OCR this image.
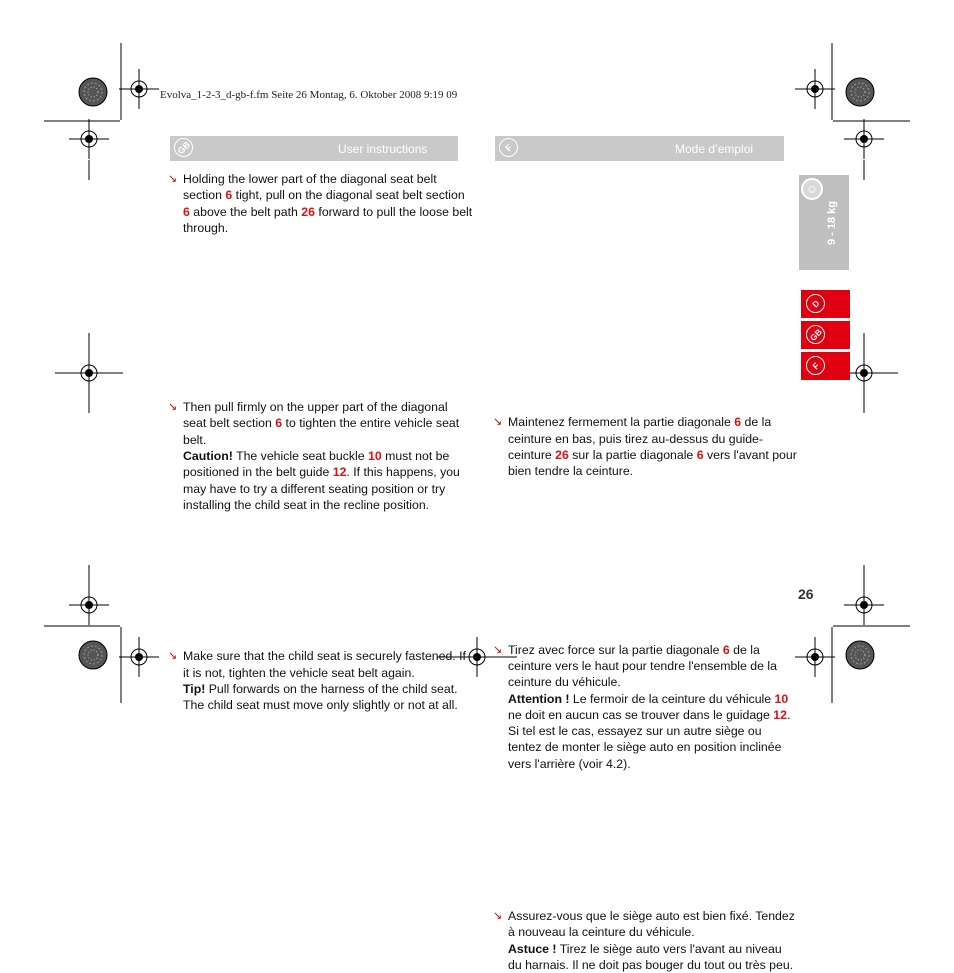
Evolva_1-2-3_d-gb-f.fm Seite 26 Montag, 6. Oktober 2008 9:19 09
GB	User instructions	F	Mode d’emploi
↘ Holding the lower part of the diagonal seat belt section 6 tight, pull on the diagonal seat belt section 6 above the belt path 26 forward to pull the loose belt through.
↘ Then pull firmly on the upper part of the diagonal seat belt section 6 to tighten the entire vehicle seat belt.
Caution! The vehicle seat buckle 10 must not be positioned in the belt guide 12. If this happens, you may have to try a different seating position or try installing the child seat in the recline position.
↘ Make sure that the child seat is securely fastened. If it is not, tighten the vehicle seat belt again.
Tip! Pull forwards on the harness of the child seat. The child seat must move only slightly or not at all.
↘ Maintenez fermement la partie diagonale 6 de la ceinture en bas, puis tirez au-dessus du guide-ceinture 26 sur la partie diagonale 6 vers l'avant pour bien tendre la ceinture.
↘ Tirez avec force sur la partie diagonale 6 de la ceinture vers le haut pour tendre l'ensemble de la ceinture du véhicule.
Attention ! Le fermoir de la ceinture du véhicule 10 ne doit en aucun cas se trouver dans le guidage 12. Si tel est le cas, essayez sur un autre siège ou tentez de monter le siège auto en position inclinée vers l'arrière (voir 4.2).
↘ Assurez-vous que le siège auto est bien fixé. Tendez à nouveau la ceinture du véhicule.
Astuce ! Tirez le siège auto vers l'avant au niveau du harnais. Il ne doit pas bouger du tout ou très peu.
☺
9 - 18 kg
D
GB
F
26
